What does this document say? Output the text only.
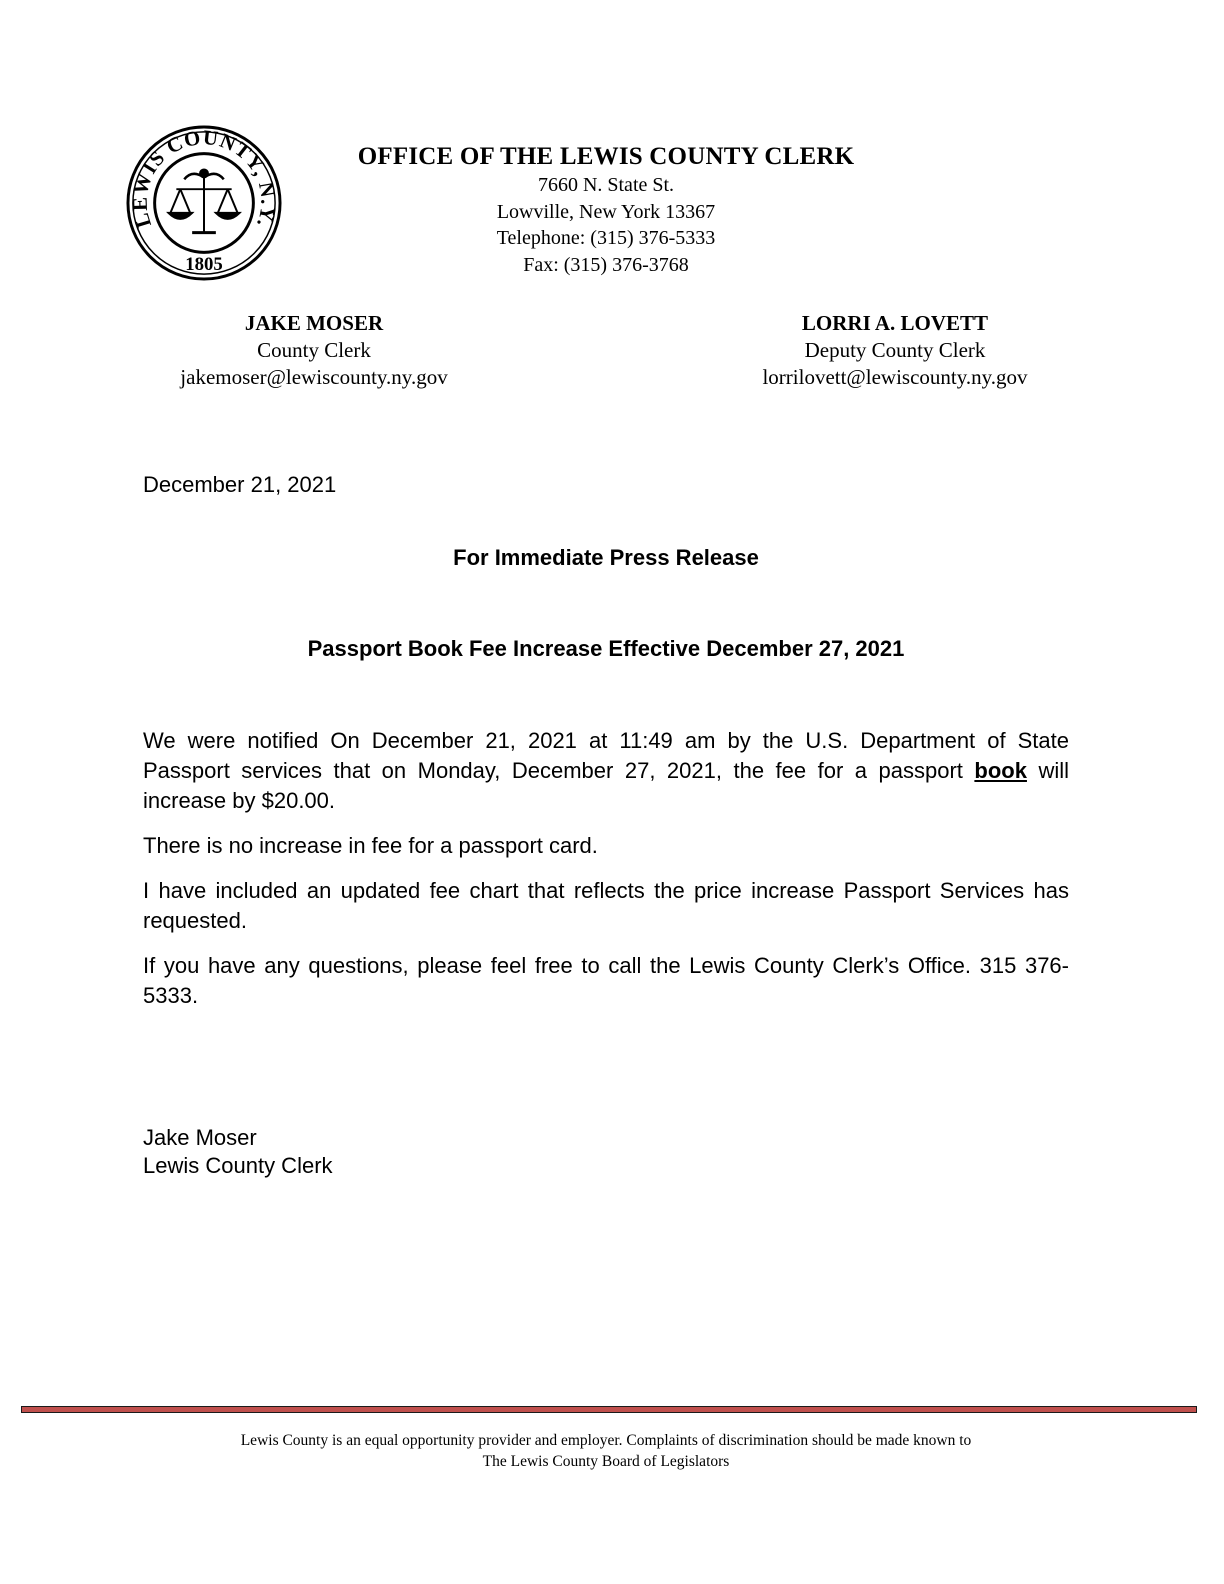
LEWIS COUNTY, N.Y.
1805
OFFICE OF THE LEWIS COUNTY CLERK
7660 N. State St.
Lowville, New York 13367
Telephone: (315) 376-5333
Fax: (315) 376-3768
JAKE MOSER
County Clerk
jakemoser@lewiscounty.ny.gov
LORRI A. LOVETT
Deputy County Clerk
lorrilovett@lewiscounty.ny.gov
December 21, 2021
For Immediate Press Release
Passport Book Fee Increase Effective December 27, 2021

We were notified On December 21, 2021 at 11:49 am by the U.S. Department of State Passport services that on Monday, December 27, 2021, the fee for a passport book will increase by $20.00.

There is no increase in fee for a passport card.

I have included an updated fee chart that reflects the price increase Passport Services has requested.

If you have any questions, please feel free to call the Lewis County Clerk’s Office. 315 376-5333.

Jake Moser
Lewis County Clerk
Lewis County is an equal opportunity provider and employer. Complaints of discrimination should be made known to
The Lewis County Board of Legislators
